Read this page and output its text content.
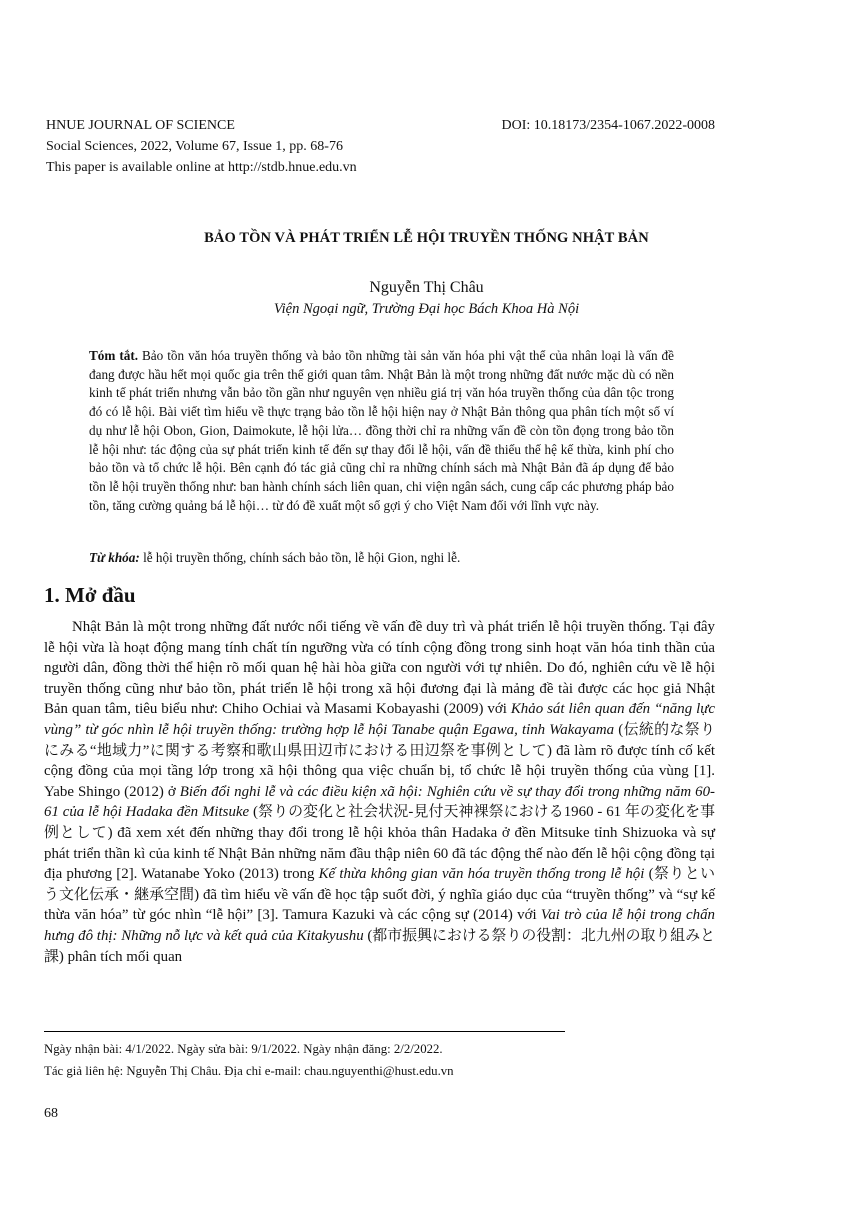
HNUE JOURNAL OF SCIENCE	DOI: 10.18173/2354-1067.2022-0008
Social Sciences, 2022, Volume 67, Issue 1, pp. 68-76
This paper is available online at http://stdb.hnue.edu.vn
BẢO TỒN VÀ PHÁT TRIỂN LỄ HỘI TRUYỀN THỐNG NHẬT BẢN
Nguyễn Thị Châu
Viện Ngoại ngữ, Trường Đại học Bách Khoa Hà Nội

Tóm tắt. Bảo tồn văn hóa truyền thống và bảo tồn những tài sản văn hóa phi vật thể của nhân loại là vấn đề đang được hầu hết mọi quốc gia trên thế giới quan tâm. Nhật Bản là một trong những đất nước mặc dù có nền kinh tế phát triển nhưng vẫn bảo tồn gần như nguyên vẹn nhiều giá trị văn hóa truyền thống của dân tộc trong đó có lễ hội. Bài viết tìm hiểu về thực trạng bảo tồn lễ hội hiện nay ở Nhật Bản thông qua phân tích một số ví dụ như lễ hội Obon, Gion, Daimokute, lễ hội lửa… đồng thời chỉ ra những vấn đề còn tồn đọng trong bảo tồn lễ hội như: tác động của sự phát triển kinh tế đến sự thay đổi lễ hội, vấn đề thiếu thế hệ kế thừa, kinh phí cho bảo tồn và tổ chức lễ hội. Bên cạnh đó tác giả cũng chỉ ra những chính sách mà Nhật Bản đã áp dụng để bảo tồn lễ hội truyền thống như: ban hành chính sách liên quan, chi viện ngân sách, cung cấp các phương pháp bảo tồn, tăng cường quảng bá lễ hội… từ đó đề xuất một số gợi ý cho Việt Nam đối với lĩnh vực này.

Từ khóa: lễ hội truyền thống, chính sách bảo tồn, lễ hội Gion, nghi lễ.
1. Mở đầu

Nhật Bản là một trong những đất nước nổi tiếng về vấn đề duy trì và phát triển lễ hội truyền thống. Tại đây lễ hội vừa là hoạt động mang tính chất tín ngưỡng vừa có tính cộng đồng trong sinh hoạt văn hóa tinh thần của người dân, đồng thời thể hiện rõ mối quan hệ hài hòa giữa con người với tự nhiên. Do đó, nghiên cứu về lễ hội truyền thống cũng như bảo tồn, phát triển lễ hội trong xã hội đương đại là mảng đề tài được các học giả Nhật Bản quan tâm, tiêu biểu như: Chiho Ochiai và Masami Kobayashi (2009) với Khảo sát liên quan đến “năng lực vùng” từ góc nhìn lễ hội truyền thống: trường hợp lễ hội Tanabe quận Egawa, tỉnh Wakayama (伝統的な祭りにみる“地域力”に関する考察和歌山県田辺市における田辺祭を事例として) đã làm rõ được tính cố kết cộng đồng của mọi tầng lớp trong xã hội thông qua việc chuẩn bị, tổ chức lễ hội truyền thống của vùng [1]. Yabe Shingo (2012) ở Biến đổi nghi lễ và các điều kiện xã hội: Nghiên cứu về sự thay đổi trong những năm 60-61 của lễ hội Hadaka đền Mitsuke (祭りの変化と社会状況-見付天神裸祭における1960 - 61 年の変化を事例として) đã xem xét đến những thay đổi trong lễ hội khỏa thân Hadaka ở đền Mitsuke tỉnh Shizuoka và sự phát triển thần kì của kinh tế Nhật Bản những năm đầu thập niên 60 đã tác động thế nào đến lễ hội cộng đồng tại địa phương [2]. Watanabe Yoko (2013) trong Kế thừa không gian văn hóa truyền thống trong lễ hội (祭りという文化伝承・継承空間) đã tìm hiểu về vấn đề học tập suốt đời, ý nghĩa giáo dục của “truyền thống” và “sự kế thừa văn hóa” từ góc nhìn “lễ hội” [3]. Tamura Kazuki và các cộng sự (2014) với Vai trò của lễ hội trong chấn hưng đô thị: Những nỗ lực và kết quả của Kitakyushu (都市振興における祭りの役割：北九州の取り組みと課) phân tích mối quan

Ngày nhận bài: 4/1/2022. Ngày sửa bài: 9/1/2022. Ngày nhận đăng: 2/2/2022.
Tác giả liên hệ: Nguyễn Thị Châu. Địa chỉ e-mail: chau.nguyenthi@hust.edu.vn
68
